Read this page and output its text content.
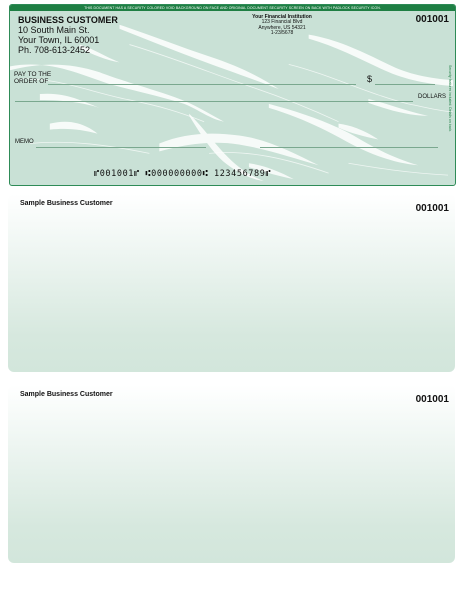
THIS DOCUMENT HAS A SECURITY COLORED VOID BACKGROUND ON FACE AND ORIGINAL DOCUMENT SECURITY SCREEN ON BACK WITH PADLOCK SECURITY ICON.
BUSINESS CUSTOMER
10 South Main St.
Your Town, IL 60001
Ph. 708-613-2452
Your Financial Institution
123 Financial Blvd
Anywhere, US 54321
1-23/5678
001001
PAY TO THE
ORDER OF	$
DOLLARS
MEMO
⑈001001⑈ ⑆000000000⑆ 123456789⑈
Security features included. Details on back.
Sample Business Customer	001001
Sample Business Customer	001001
